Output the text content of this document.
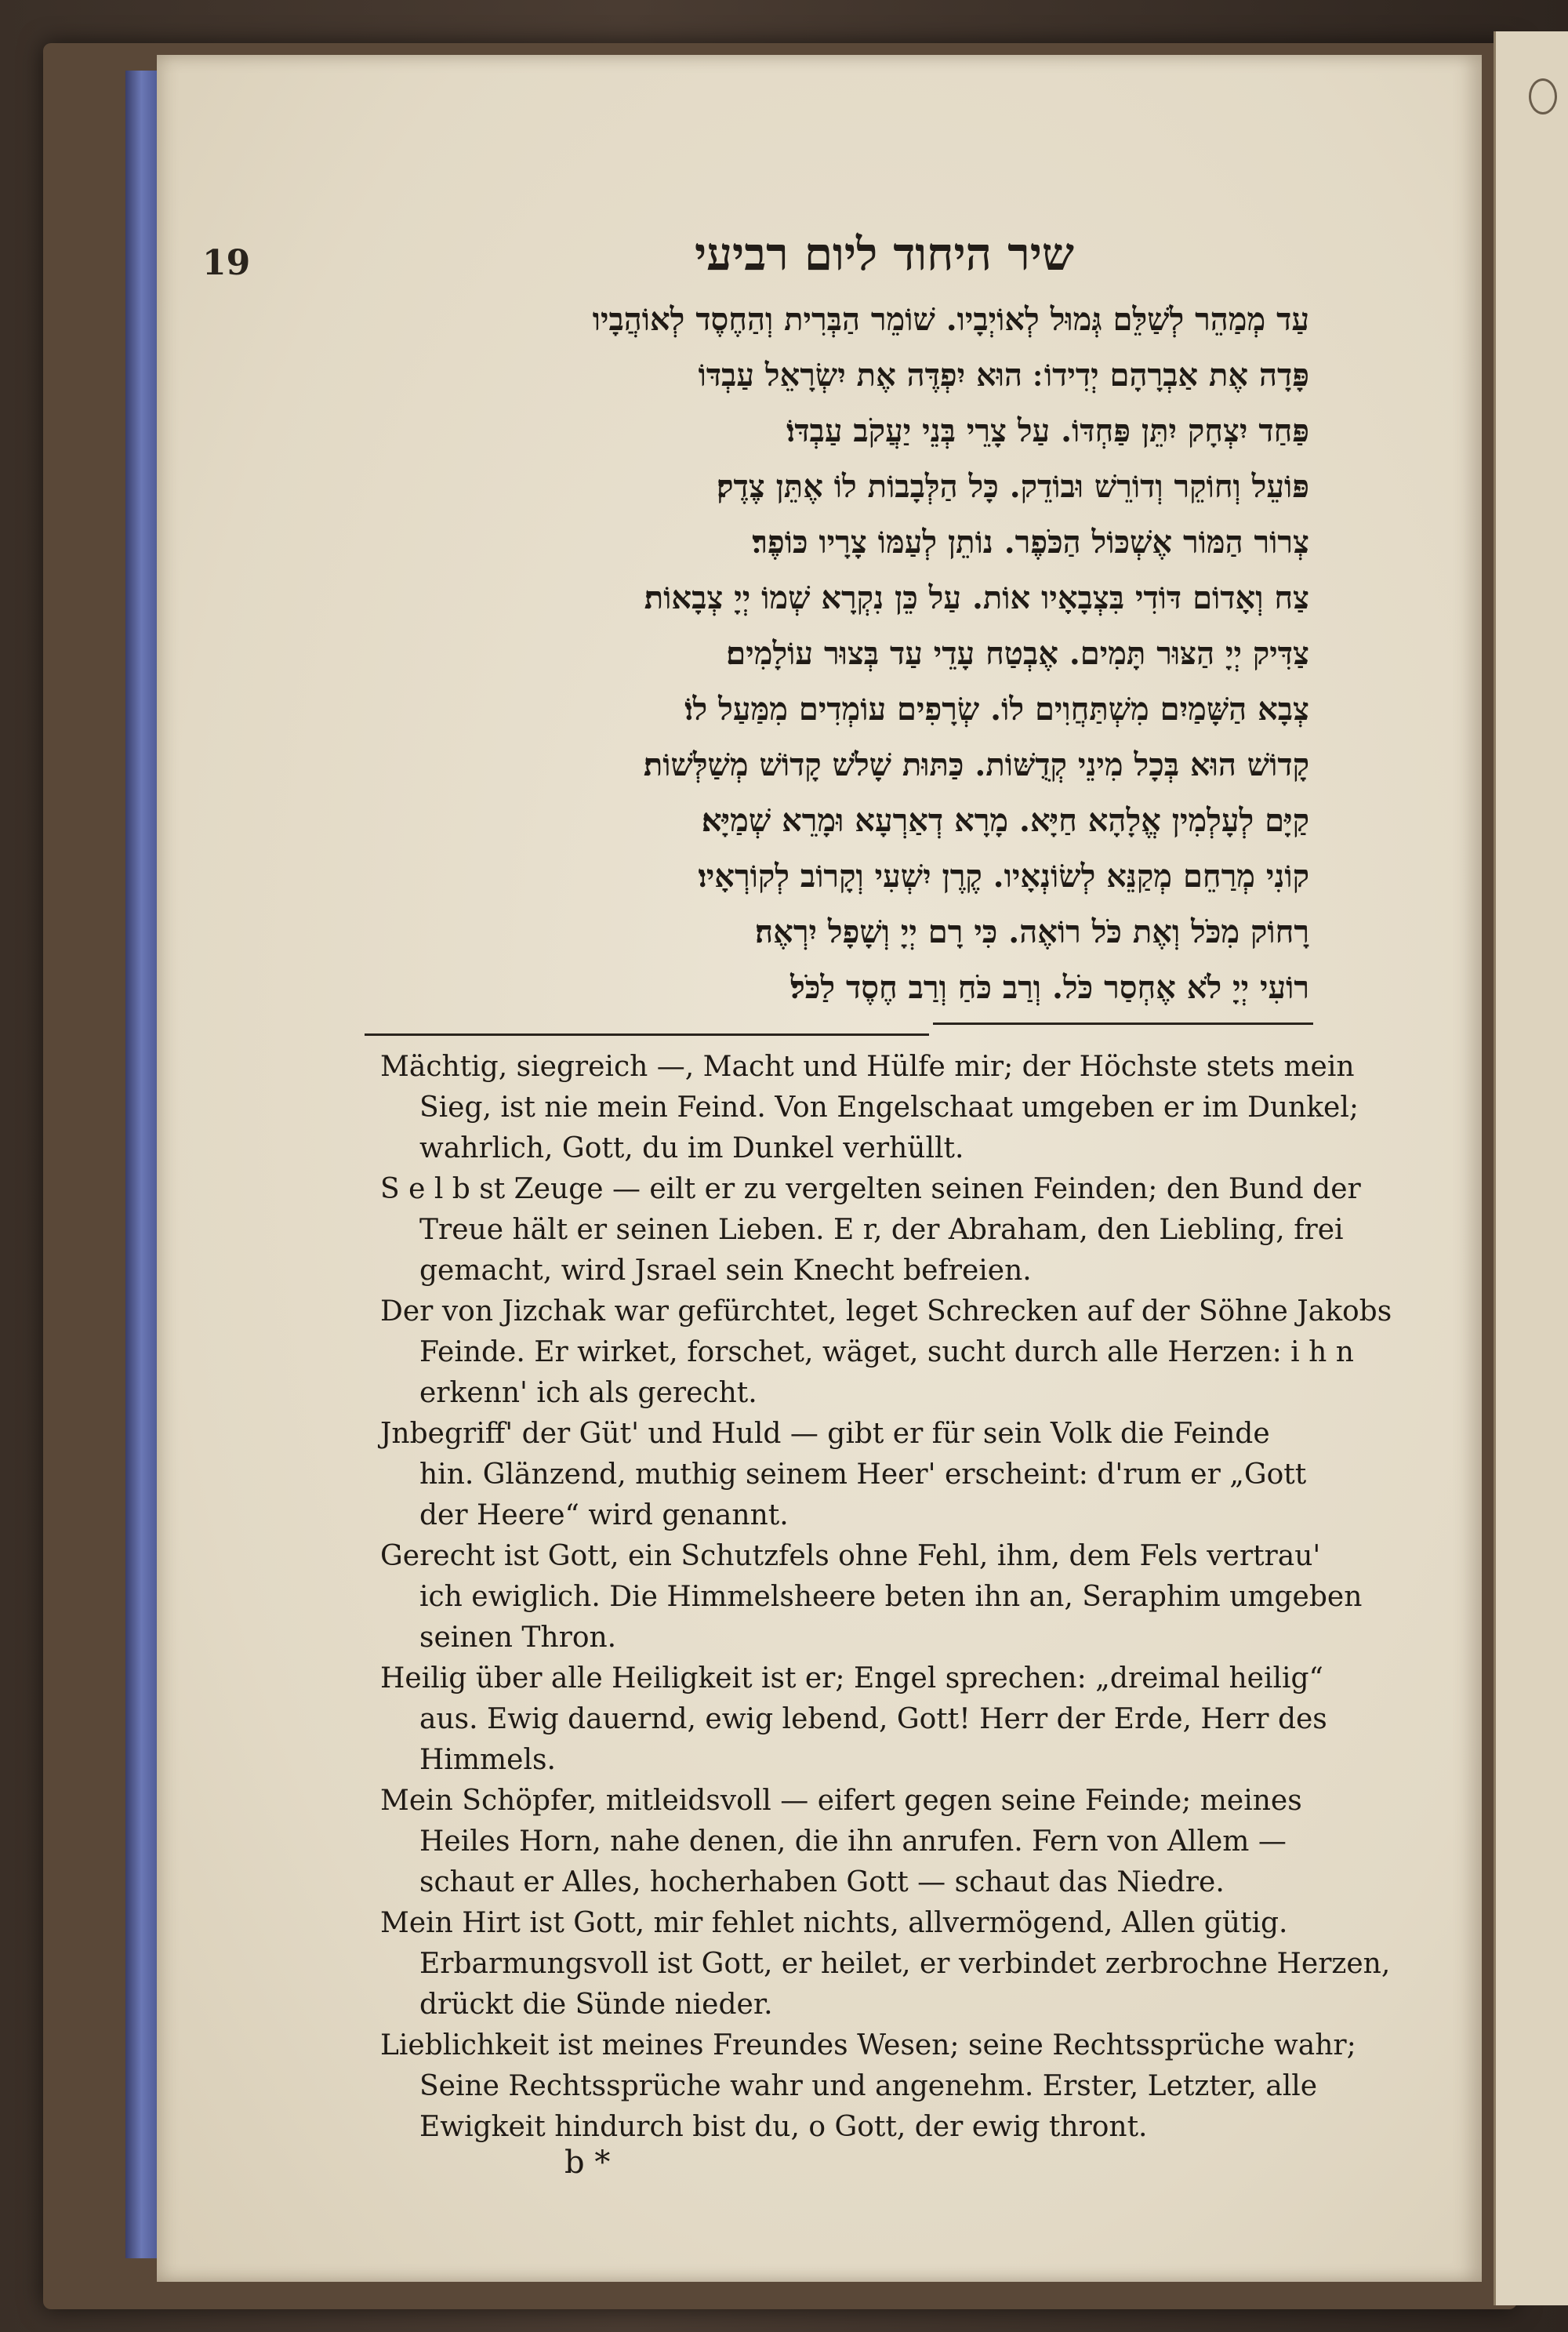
19	שיר היחוד ליום רביעי
עַד מְמַהֵר לְשַׁלֵּם גְּמוּל לְאוֹיְבָיו. שׁוֹמֵר הַבְּרִית וְהַחֶסֶד לְאוֹהֲבָיו
פָּדָה אֶת אַבְרָהָם יְדִידוֹ ׃ הוּא יִפְדֶּה אֶת יִשְׂרָאֵל עַבְדּוֹ
פַּחַד יִצְחָק יִתֵּן פַּחְדּוֹ. עַל צָרֵי בְּנֵי יַעֲקֹב עַבְדּוֹ׃
פּוֹעֵל וְחוֹקֵר וְדוֹרֵשׁ וּבוֹדֵק. כָּל הַלְּבָבוֹת לוֹ אֶתֵּן צֶדֶק׃
צְרוֹר הַמּוֹר אֶשְׁכּוֹל הַכֹּפֶר. נוֹתֵן לְעַמּוֹ צָרָיו כּוֹפֶר׃
צַח וְאָדוֹם דּוֹדִי בִּצְבָאָיו אוֹת. עַל כֵּן נִקְרָא שְׁמוֹ יְיָ צְבָאוֹת׃
צַדִּיק יְיָ הַצּוּר תָּמִים. אֶבְטַח עָדֵי עַד בְּצוּר עוֹלָמִים׃
צְבָא הַשָּׁמַיִם מִשְׁתַּחֲוִים לוֹ. שְׂרָפִים עוֹמְדִים מִמַּעַל לוֹ׃
קָדוֹשׁ הוּא בְּכָל מִינֵי קְדֻשּׁוֹת. כַּתּוּת שָׁלֹשׁ קָדוֹשׁ מְשַׁלְּשׁוֹת׃
קַיָּם לְעָלְמִין אֱלָהָא חַיָּא. מָרָא דְאַרְעָא וּמָרֵא שְׁמַיָּא׃
קוֹנִי מְרַחֵם מְקַנֵּא לְשׂוֹנְאָיו. קֶרֶן יִשְׁעִי וְקָרוֹב לְקוֹרְאָיו׃
רָחוֹק מִכֹּל וְאֶת כֹּל רוֹאֶה. כִּי רָם יְיָ וְשָׁפָל יִרְאֶה׃
רוֹעִי יְיָ לֹא אֶחְסַר כֹּל. וְרַב כֹּחַ וְרַב חֶסֶד לַכֹּל׃
Mächtig, siegreich —, Macht und Hülfe mir; der Höchste stets mein
Sieg, ist nie mein Feind. Von Engelschaat umgeben er im Dunkel;
wahrlich, Gott, du im Dunkel verhüllt.
S e l b st Zeuge — eilt er zu vergelten seinen Feinden; den Bund der
Treue hält er seinen Lieben. E r, der Abraham, den Liebling, frei
gemacht, wird Jsrael sein Knecht befreien.
Der von Jizchak war gefürchtet, leget Schrecken auf der Söhne Jakobs
Feinde. Er wirket, forschet, wäget, sucht durch alle Herzen: i h n
erkenn' ich als gerecht.
Jnbegriff' der Güt' und Huld — gibt er für sein Volk die Feinde
hin. Glänzend, muthig seinem Heer' erscheint: d'rum er „Gott
der Heere“ wird genannt.
Gerecht ist Gott, ein Schutzfels ohne Fehl, ihm, dem Fels vertrau'
ich ewiglich. Die Himmelsheere beten ihn an, Seraphim umgeben
seinen Thron.
Heilig über alle Heiligkeit ist er; Engel sprechen: „dreimal heilig“
aus. Ewig dauernd, ewig lebend, Gott! Herr der Erde, Herr des
Himmels.
Mein Schöpfer, mitleidsvoll — eifert gegen seine Feinde; meines
Heiles Horn, nahe denen, die ihn anrufen. Fern von Allem —
schaut er Alles, hocherhaben Gott — schaut das Niedre.
Mein Hirt ist Gott, mir fehlet nichts, allvermögend, Allen gütig.
Erbarmungsvoll ist Gott, er heilet, er verbindet zerbrochne Herzen,
drückt die Sünde nieder.
Lieblichkeit ist meines Freundes Wesen; seine Rechtssprüche wahr;
Seine Rechtssprüche wahr und angenehm. Erster, Letzter, alle
Ewigkeit hindurch bist du, o Gott, der ewig thront.
b *
